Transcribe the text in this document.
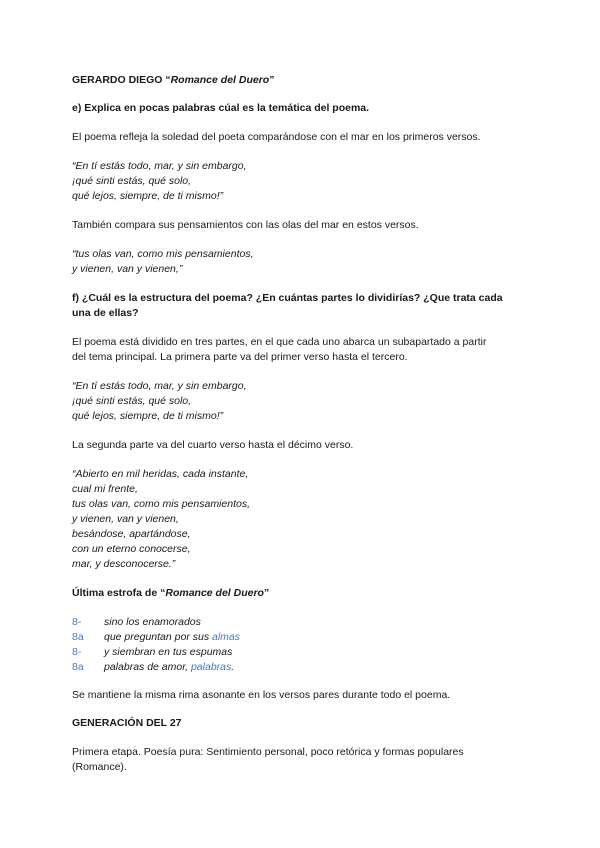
GERARDO DIEGO “Romance del Duero”
e) Explica en pocas palabras cúal es la temática del poema.
El poema refleja la soledad del poeta comparándose con el mar en los primeros versos.
“En tí estás todo, mar, y sin embargo,
¡qué sinti estás, qué solo,
qué lejos, siempre, de ti mismo!”
También compara sus pensamientos con las olas del mar en estos versos.
“tus olas van, como mis pensamientos,
y vienen, van y vienen,”
f) ¿Cuál es la estructura del poema? ¿En cuántas partes lo dividirías? ¿Que trata cada
una de ellas?
El poema está dividido en tres partes, en el que cada uno abarca un subapartado a partir
del tema principal. La primera parte va del primer verso hasta el tercero.
“En tí estás todo, mar, y sin embargo,
¡qué sinti estás, qué solo,
qué lejos, siempre, de ti mismo!”
La segunda parte va del cuarto verso hasta el décimo verso.
“Abierto en mil heridas, cada instante,
cual mi frente,
tus olas van, como mis pensamientos,
y vienen, van y vienen,
besándose, apartándose,
con un eterno conocerse,
mar, y desconocerse.”
Última estrofa de “Romance del Duero”
8- sino los enamorados
8a que preguntan por sus almas
8- y siembran en tus espumas
8a palabras de amor, palabras.
Se mantiene la misma rima asonante en los versos pares durante todo el poema.
GENERACIÓN DEL 27
Primera etapa. Poesía pura: Sentimiento personal, poco retórica y formas populares
(Romance).
